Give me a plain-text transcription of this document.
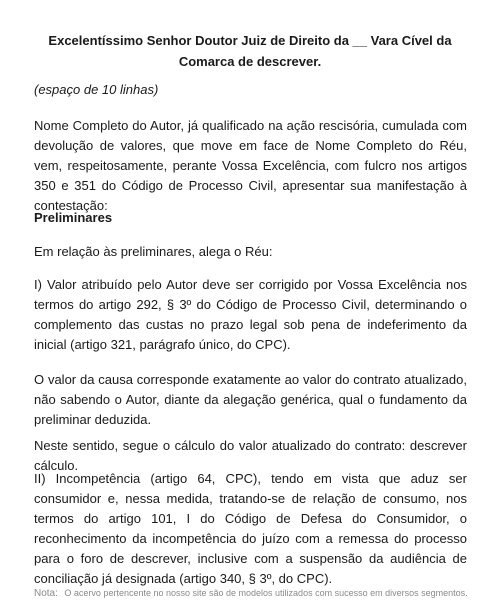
Excelentíssimo Senhor Doutor Juiz de Direito da __ Vara Cível da Comarca de descrever.
(espaço de 10 linhas)

Nome Completo do Autor, já qualificado na ação rescisória, cumulada com devolução de valores, que move em face de Nome Completo do Réu, vem, respeitosamente, perante Vossa Excelência, com fulcro nos artigos 350 e 351 do Código de Processo Civil, apresentar sua manifestação à contestação:

Preliminares

Em relação às preliminares, alega o Réu:

I) Valor atribuído pelo Autor deve ser corrigido por Vossa Excelência nos termos do artigo 292, § 3º do Código de Processo Civil, determinando o complemento das custas no prazo legal sob pena de indeferimento da inicial (artigo 321, parágrafo único, do CPC).

O valor da causa corresponde exatamente ao valor do contrato atualizado, não sabendo o Autor, diante da alegação genérica, qual o fundamento da preliminar deduzida.

Neste sentido, segue o cálculo do valor atualizado do contrato: descrever cálculo.

II) Incompetência (artigo 64, CPC), tendo em vista que aduz ser consumidor e, nessa medida, tratando-se de relação de consumo, nos termos do artigo 101, I do Código de Defesa do Consumidor, o reconhecimento da incompetência do juízo com a remessa do processo para o foro de descrever, inclusive com a suspensão da audiência de conciliação já designada (artigo 340, § 3º, do CPC).

Nota: O acervo pertencente no nosso site são de modelos utilizados com sucesso em diversos segmentos.
